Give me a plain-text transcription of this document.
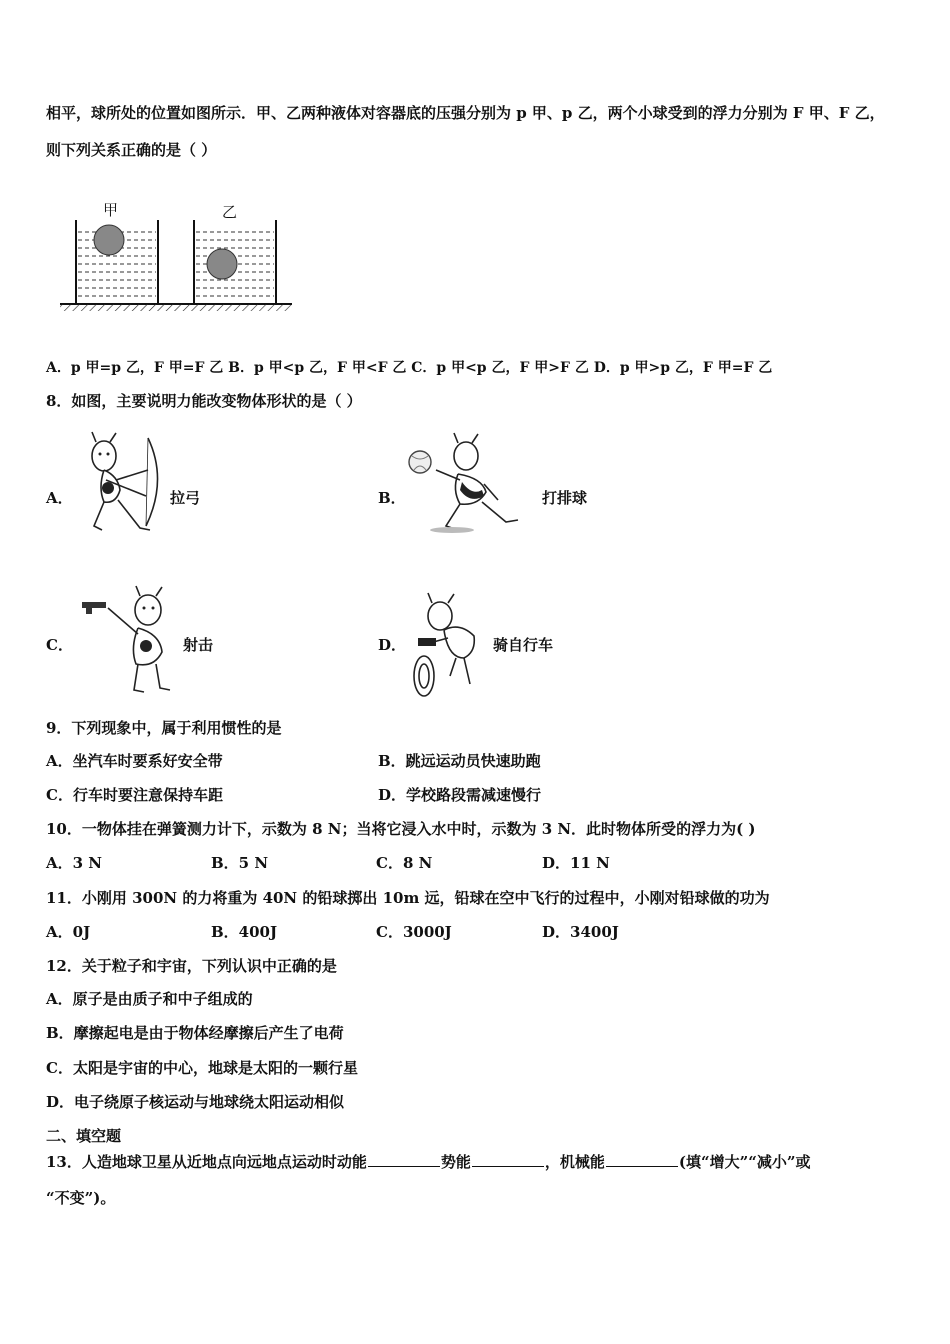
相平，球所处的位置如图所示．甲、乙两种液体对容器底的压强分别为 p 甲、p 乙，两个小球受到的浮力分别为 F 甲、F 乙，
则下列关系正确的是（ ）
甲	乙
A．p 甲=p 乙，F 甲=F 乙 B．p 甲<p 乙，F 甲<F 乙 C．p 甲<p 乙，F 甲>F 乙 D．p 甲>p 乙，F 甲=F 乙
8．如图，主要说明力能改变物体形状的是（ ）
A．	拉弓	B．	打排球
C．	射击	D．	骑自行车
9．下列现象中，属于利用惯性的是
A．坐汽车时要系好安全带	B．跳远运动员快速助跑
C．行车时要注意保持车距	D．学校路段需减速慢行
10．一物体挂在弹簧测力计下，示数为 8 N；当将它浸入水中时，示数为 3 N．此时物体所受的浮力为( )
A．3 N	B．5 N	C．8 N	D．11 N
11．小刚用 300N 的力将重为 40N 的铅球掷出 10m 远，铅球在空中飞行的过程中，小刚对铅球做的功为
A．0J	B．400J	C．3000J	D．3400J
12．关于粒子和宇宙，下列认识中正确的是
A．原子是由质子和中子组成的
B．摩擦起电是由于物体经摩擦后产生了电荷
C．太阳是宇宙的中心，地球是太阳的一颗行星
D．电子绕原子核运动与地球绕太阳运动相似
二、填空题
13．人造地球卫星从近地点向远地点运动时动能	势能	，机械能	(填“增大”“减小”或
“不变”)。
